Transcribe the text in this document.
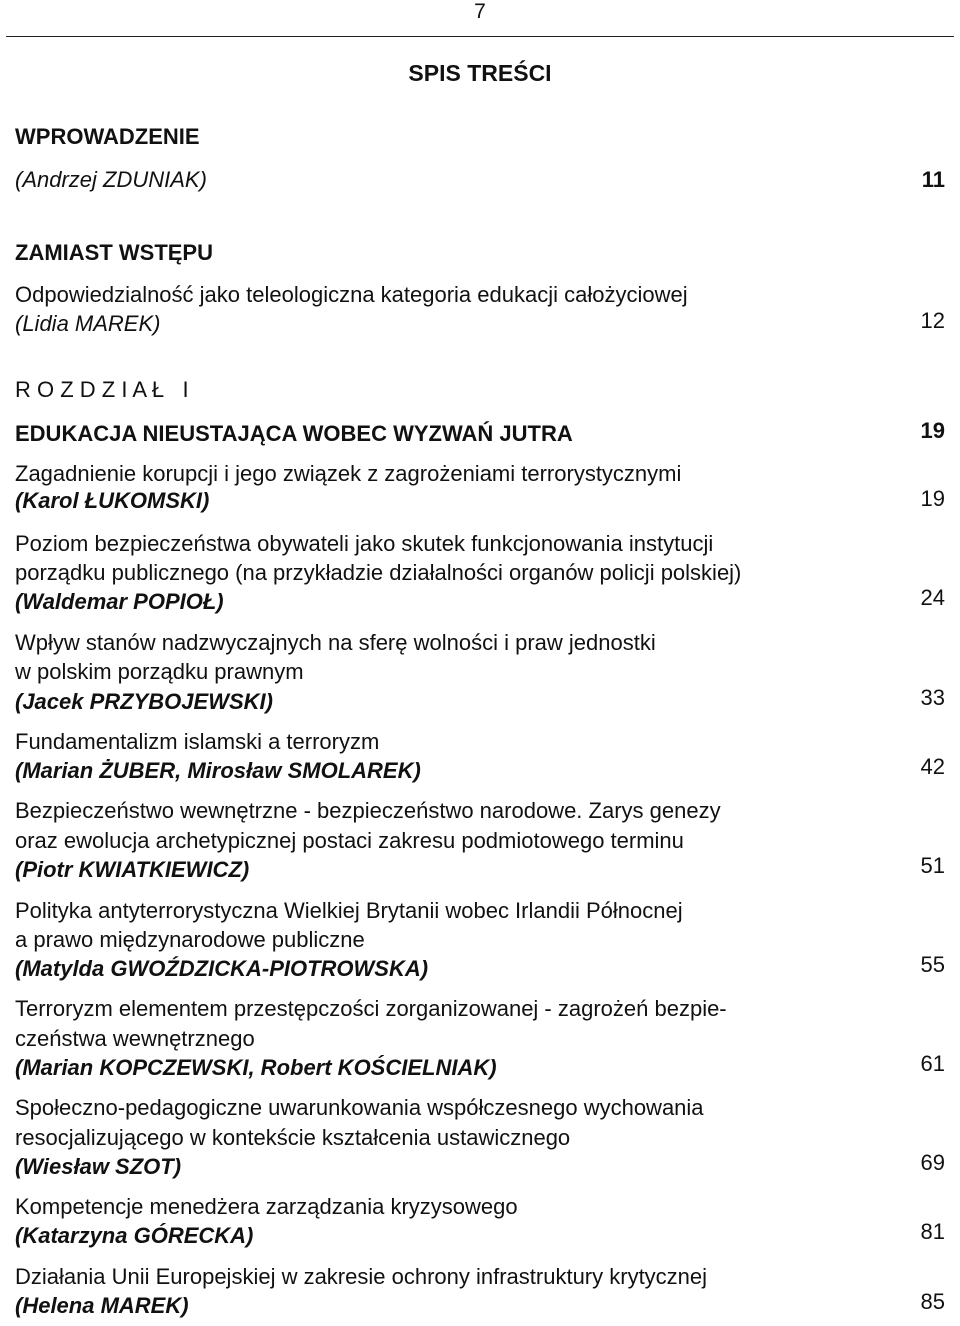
7
SPIS TREŚCI
WPROWADZENIE
(Andrzej ZDUNIAK)	11
ZAMIAST WSTĘPU
Odpowiedzialność jako teleologiczna kategoria edukacji całożyciowej
(Lidia MAREK)	12
R O Z D Z I A Ł   I
EDUKACJA NIEUSTAJĄCA WOBEC WYZWAŃ JUTRA	19
Zagadnienie korupcji i jego związek z zagrożeniami terrorystycznymi
(Karol ŁUKOMSKI)	19
Poziom bezpieczeństwa obywateli jako skutek funkcjonowania instytucji
porządku publicznego (na przykładzie działalności organów policji polskiej)
(Waldemar POPIOŁ)	24
Wpływ stanów nadzwyczajnych na sferę wolności i praw jednostki
w polskim porządku prawnym
(Jacek PRZYBOJEWSKI)	33
Fundamentalizm islamski a terroryzm
(Marian ŻUBER, Mirosław SMOLAREK)	42
Bezpieczeństwo wewnętrzne - bezpieczeństwo narodowe. Zarys genezy
oraz ewolucja archetypicznej postaci zakresu podmiotowego terminu
(Piotr KWIATKIEWICZ)	51
Polityka antyterrorystyczna Wielkiej Brytanii wobec Irlandii Północnej
a prawo międzynarodowe publiczne
(Matylda GWOŹDZICKA-PIOTROWSKA)	55
Terroryzm elementem przestępczości zorganizowanej - zagrożeń bezpie-
czeństwa wewnętrznego
(Marian KOPCZEWSKI, Robert KOŚCIELNIAK)	61
Społeczno-pedagogiczne uwarunkowania współczesnego wychowania
resocjalizującego w kontekście kształcenia ustawicznego
(Wiesław SZOT)	69
Kompetencje menedżera zarządzania kryzysowego
(Katarzyna GÓRECKA)	81
Działania Unii Europejskiej w zakresie ochrony infrastruktury krytycznej
(Helena MAREK)	85
